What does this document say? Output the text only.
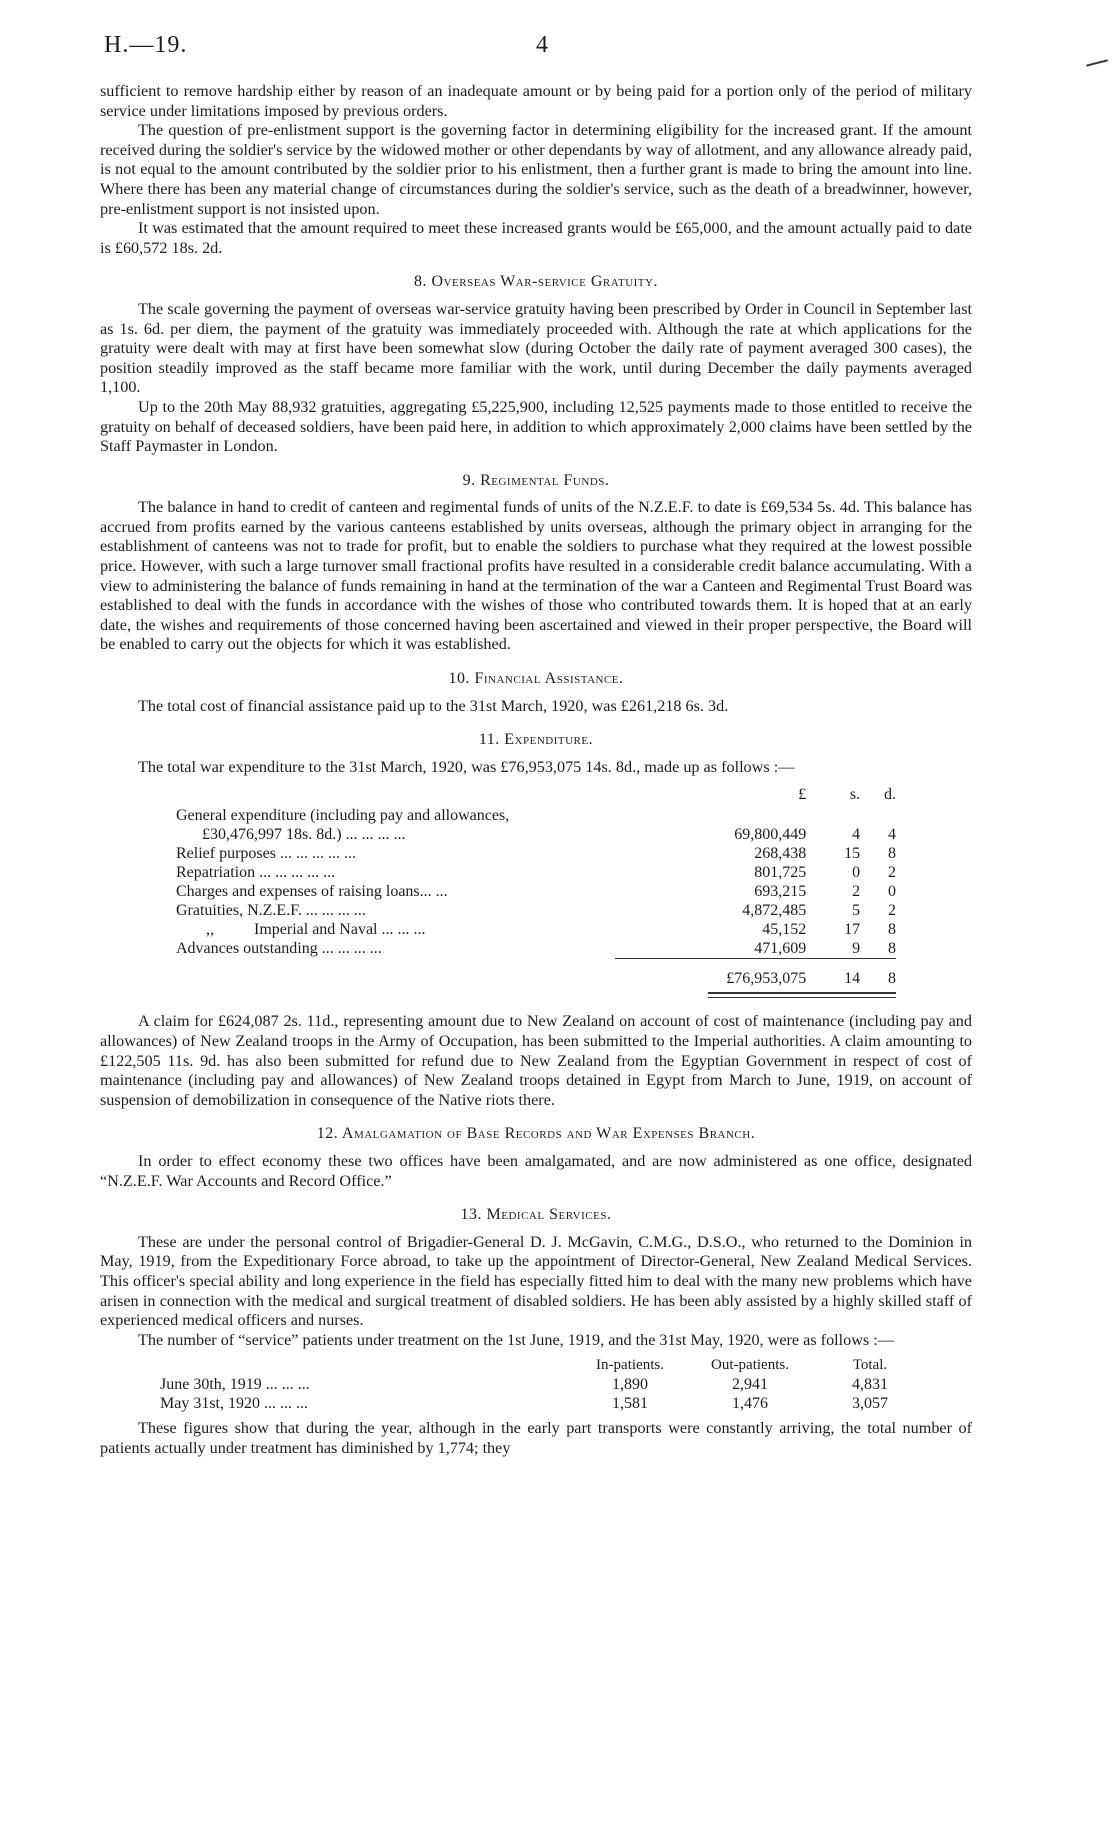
H.—19.	4

sufficient to remove hardship either by reason of an inadequate amount or by being paid for a portion only of the period of military service under limitations imposed by previous orders.

The question of pre-enlistment support is the governing factor in determining eligibility for the increased grant. If the amount received during the soldier's service by the widowed mother or other dependants by way of allotment, and any allowance already paid, is not equal to the amount contributed by the soldier prior to his enlistment, then a further grant is made to bring the amount into line. Where there has been any material change of circumstances during the soldier's service, such as the death of a breadwinner, however, pre-enlistment support is not insisted upon.

It was estimated that the amount required to meet these increased grants would be £65,000, and the amount actually paid to date is £60,572 18s. 2d.

8. Overseas War-service Gratuity.

The scale governing the payment of overseas war-service gratuity having been prescribed by Order in Council in September last as 1s. 6d. per diem, the payment of the gratuity was immediately proceeded with. Although the rate at which applications for the gratuity were dealt with may at first have been somewhat slow (during October the daily rate of payment averaged 300 cases), the position steadily improved as the staff became more familiar with the work, until during December the daily payments averaged 1,100.

Up to the 20th May 88,932 gratuities, aggregating £5,225,900, including 12,525 payments made to those entitled to receive the gratuity on behalf of deceased soldiers, have been paid here, in addition to which approximately 2,000 claims have been settled by the Staff Paymaster in London.

9. Regimental Funds.

The balance in hand to credit of canteen and regimental funds of units of the N.Z.E.F. to date is £69,534 5s. 4d. This balance has accrued from profits earned by the various canteens established by units overseas, although the primary object in arranging for the establishment of canteens was not to trade for profit, but to enable the soldiers to purchase what they required at the lowest possible price. However, with such a large turnover small fractional profits have resulted in a considerable credit balance accumulating. With a view to administering the balance of funds remaining in hand at the termination of the war a Canteen and Regimental Trust Board was established to deal with the funds in accordance with the wishes of those who contributed towards them. It is hoped that at an early date, the wishes and requirements of those concerned having been ascertained and viewed in their proper perspective, the Board will be enabled to carry out the objects for which it was established.

10. Financial Assistance.

The total cost of financial assistance paid up to the 31st March, 1920, was £261,218 6s. 3d.

11. Expenditure.

The total war expenditure to the 31st March, 1920, was £76,953,075 14s. 8d., made up as follows :—

	£	s.	d.
General expenditure (including pay and allowances,			
£30,476,997 18s. 8d.) ... ... ... ...	69,800,449	4	4
Relief purposes ... ... ... ... ...	268,438	15	8
Repatriation ... ... ... ... ...	801,725	0	2
Charges and expenses of raising loans... ...	693,215	2	0
Gratuities, N.Z.E.F. ... ... ... ...	4,872,485	5	2
,, Imperial and Naval ... ... ...	45,152	17	8
Advances outstanding ... ... ... ...	471,609	9	8
	£76,953,075	14	8

A claim for £624,087 2s. 11d., representing amount due to New Zealand on account of cost of maintenance (including pay and allowances) of New Zealand troops in the Army of Occupation, has been submitted to the Imperial authorities. A claim amounting to £122,505 11s. 9d. has also been submitted for refund due to New Zealand from the Egyptian Government in respect of cost of maintenance (including pay and allowances) of New Zealand troops detained in Egypt from March to June, 1919, on account of suspension of demobilization in consequence of the Native riots there.

12. Amalgamation of Base Records and War Expenses Branch.

In order to effect economy these two offices have been amalgamated, and are now administered as one office, designated “N.Z.E.F. War Accounts and Record Office.”

13. Medical Services.

These are under the personal control of Brigadier-General D. J. McGavin, C.M.G., D.S.O., who returned to the Dominion in May, 1919, from the Expeditionary Force abroad, to take up the appointment of Director-General, New Zealand Medical Services. This officer's special ability and long experience in the field has especially fitted him to deal with the many new problems which have arisen in connection with the medical and surgical treatment of disabled soldiers. He has been ably assisted by a highly skilled staff of experienced medical officers and nurses.

The number of “service” patients under treatment on the 1st June, 1919, and the 31st May, 1920, were as follows :—

	In-patients.	Out-patients.	Total.
June 30th, 1919 ... ... ...	1,890	2,941	4,831
May 31st, 1920 ... ... ...	1,581	1,476	3,057

These figures show that during the year, although in the early part transports were constantly arriving, the total number of patients actually under treatment has diminished by 1,774; they
